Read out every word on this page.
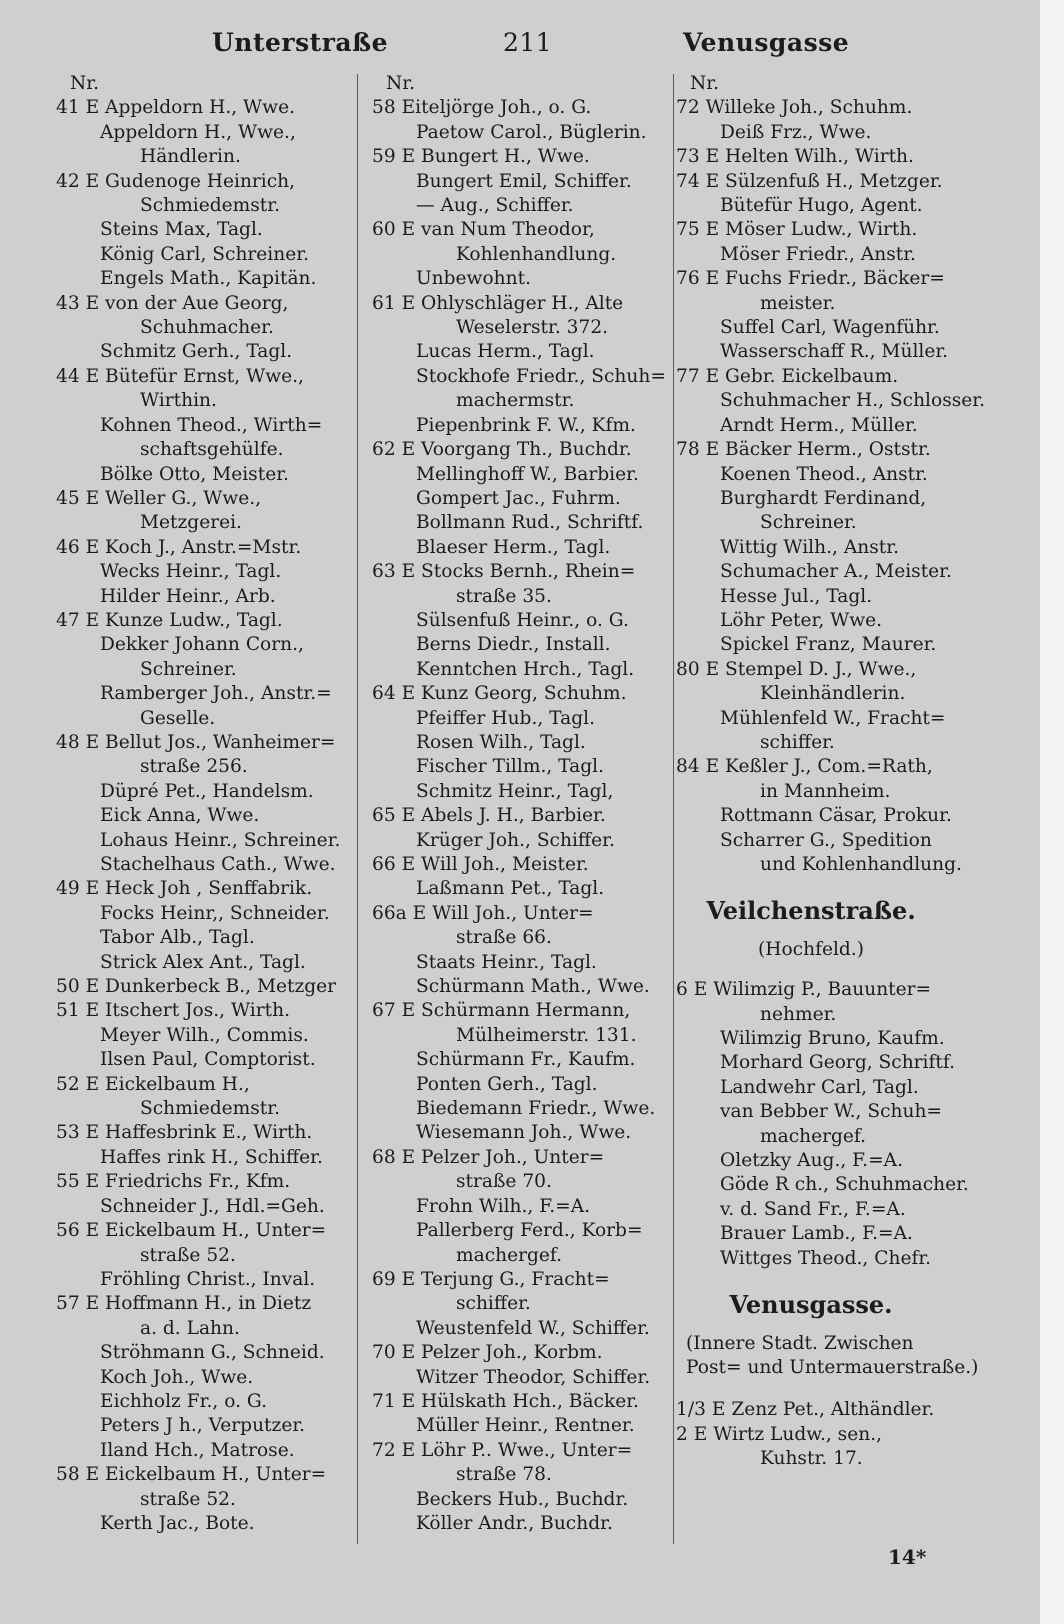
Unterstraße	211	Venusgasse
Nr.
41 E Appeldorn H., Wwe.
Appeldorn H., Wwe.,
Händlerin.
42 E Gudenoge Heinrich,
Schmiedemstr.
Steins Max, Tagl.
König Carl, Schreiner.
Engels Math., Kapitän.
43 E von der Aue Georg,
Schuhmacher.
Schmitz Gerh., Tagl.
44 E Bütefür Ernst, Wwe.,
Wirthin.
Kohnen Theod., Wirth=
schaftsgehülfe.
Bölke Otto, Meister.
45 E Weller G., Wwe.,
Metzgerei.
46 E Koch J., Anstr.=Mstr.
Wecks Heinr., Tagl.
Hilder Heinr., Arb.
47 E Kunze Ludw., Tagl.
Dekker Johann Corn.,
Schreiner.
Ramberger Joh., Anstr.=
Geselle.
48 E Bellut Jos., Wanheimer=
straße 256.
Düpré Pet., Handelsm.
Eick Anna, Wwe.
Lohaus Heinr., Schreiner.
Stachelhaus Cath., Wwe.
49 E Heck Joh , Senffabrik.
Focks Heinr,, Schneider.
Tabor Alb., Tagl.
Strick Alex Ant., Tagl.
50 E Dunkerbeck B., Metzger
51 E Itschert Jos., Wirth.
Meyer Wilh., Commis.
Ilsen Paul, Comptorist.
52 E Eickelbaum H.,
Schmiedemstr.
53 E Haffesbrink E., Wirth.
Haffes rink H., Schiffer.
55 E Friedrichs Fr., Kfm.
Schneider J., Hdl.=Geh.
56 E Eickelbaum H., Unter=
straße 52.
Fröhling Christ., Inval.
57 E Hoffmann H., in Dietz
a. d. Lahn.
Ströhmann G., Schneid.
Koch Joh., Wwe.
Eichholz Fr., o. G.
Peters J h., Verputzer.
Iland Hch., Matrose.
58 E Eickelbaum H., Unter=
straße 52.
Kerth Jac., Bote.
Nr.
58 Eiteljörge Joh., o. G.
Paetow Carol., Büglerin.
59 E Bungert H., Wwe.
Bungert Emil, Schiffer.
— Aug., Schiffer.
60 E van Num Theodor,
Kohlenhandlung.
Unbewohnt.
61 E Ohlyschläger H., Alte
Weselerstr. 372.
Lucas Herm., Tagl.
Stockhofe Friedr., Schuh=
machermstr.
Piepenbrink F. W., Kfm.
62 E Voorgang Th., Buchdr.
Mellinghoff W., Barbier.
Gompert Jac., Fuhrm.
Bollmann Rud., Schriftf.
Blaeser Herm., Tagl.
63 E Stocks Bernh., Rhein=
straße 35.
Sülsenfuß Heinr., o. G.
Berns Diedr., Install.
Kenntchen Hrch., Tagl.
64 E Kunz Georg, Schuhm.
Pfeiffer Hub., Tagl.
Rosen Wilh., Tagl.
Fischer Tillm., Tagl.
Schmitz Heinr., Tagl,
65 E Abels J. H., Barbier.
Krüger Joh., Schiffer.
66 E Will Joh., Meister.
Laßmann Pet., Tagl.
66a E Will Joh., Unter=
straße 66.
Staats Heinr., Tagl.
Schürmann Math., Wwe.
67 E Schürmann Hermann,
Mülheimerstr. 131.
Schürmann Fr., Kaufm.
Ponten Gerh., Tagl.
Biedemann Friedr., Wwe.
Wiesemann Joh., Wwe.
68 E Pelzer Joh., Unter=
straße 70.
Frohn Wilh., F.=A.
Pallerberg Ferd., Korb=
machergef.
69 E Terjung G., Fracht=
schiffer.
Weustenfeld W., Schiffer.
70 E Pelzer Joh., Korbm.
Witzer Theodor, Schiffer.
71 E Hülskath Hch., Bäcker.
Müller Heinr., Rentner.
72 E Löhr P.. Wwe., Unter=
straße 78.
Beckers Hub., Buchdr.
Köller Andr., Buchdr.
Nr.
72 Willeke Joh., Schuhm.
Deiß Frz., Wwe.
73 E Helten Wilh., Wirth.
74 E Sülzenfuß H., Metzger.
Bütefür Hugo, Agent.
75 E Möser Ludw., Wirth.
Möser Friedr., Anstr.
76 E Fuchs Friedr., Bäcker=
meister.
Suffel Carl, Wagenführ.
Wasserschaff R., Müller.
77 E Gebr. Eickelbaum.
Schuhmacher H., Schlosser.
Arndt Herm., Müller.
78 E Bäcker Herm., Oststr.
Koenen Theod., Anstr.
Burghardt Ferdinand,
Schreiner.
Wittig Wilh., Anstr.
Schumacher A., Meister.
Hesse Jul., Tagl.
Löhr Peter, Wwe.
Spickel Franz, Maurer.
80 E Stempel D. J., Wwe.,
Kleinhändlerin.
Mühlenfeld W., Fracht=
schiffer.
84 E Keßler J., Com.=Rath,
in Mannheim.
Rottmann Cäsar, Prokur.
Scharrer G., Spedition
und Kohlenhandlung.
Veilchenstraße.
(Hochfeld.)
6 E Wilimzig P., Bauunter=
nehmer.
Wilimzig Bruno, Kaufm.
Morhard Georg, Schriftf.
Landwehr Carl, Tagl.
van Bebber W., Schuh=
machergef.
Oletzky Aug., F.=A.
Göde R ch., Schuhmacher.
v. d. Sand Fr., F.=A.
Brauer Lamb., F.=A.
Wittges Theod., Chefr.
Venusgasse.
(Innere Stadt. Zwischen
Post= und Untermauerstraße.)
1/3 E Zenz Pet., Althändler.
2 E Wirtz Ludw., sen.,
Kuhstr. 17.
14*
